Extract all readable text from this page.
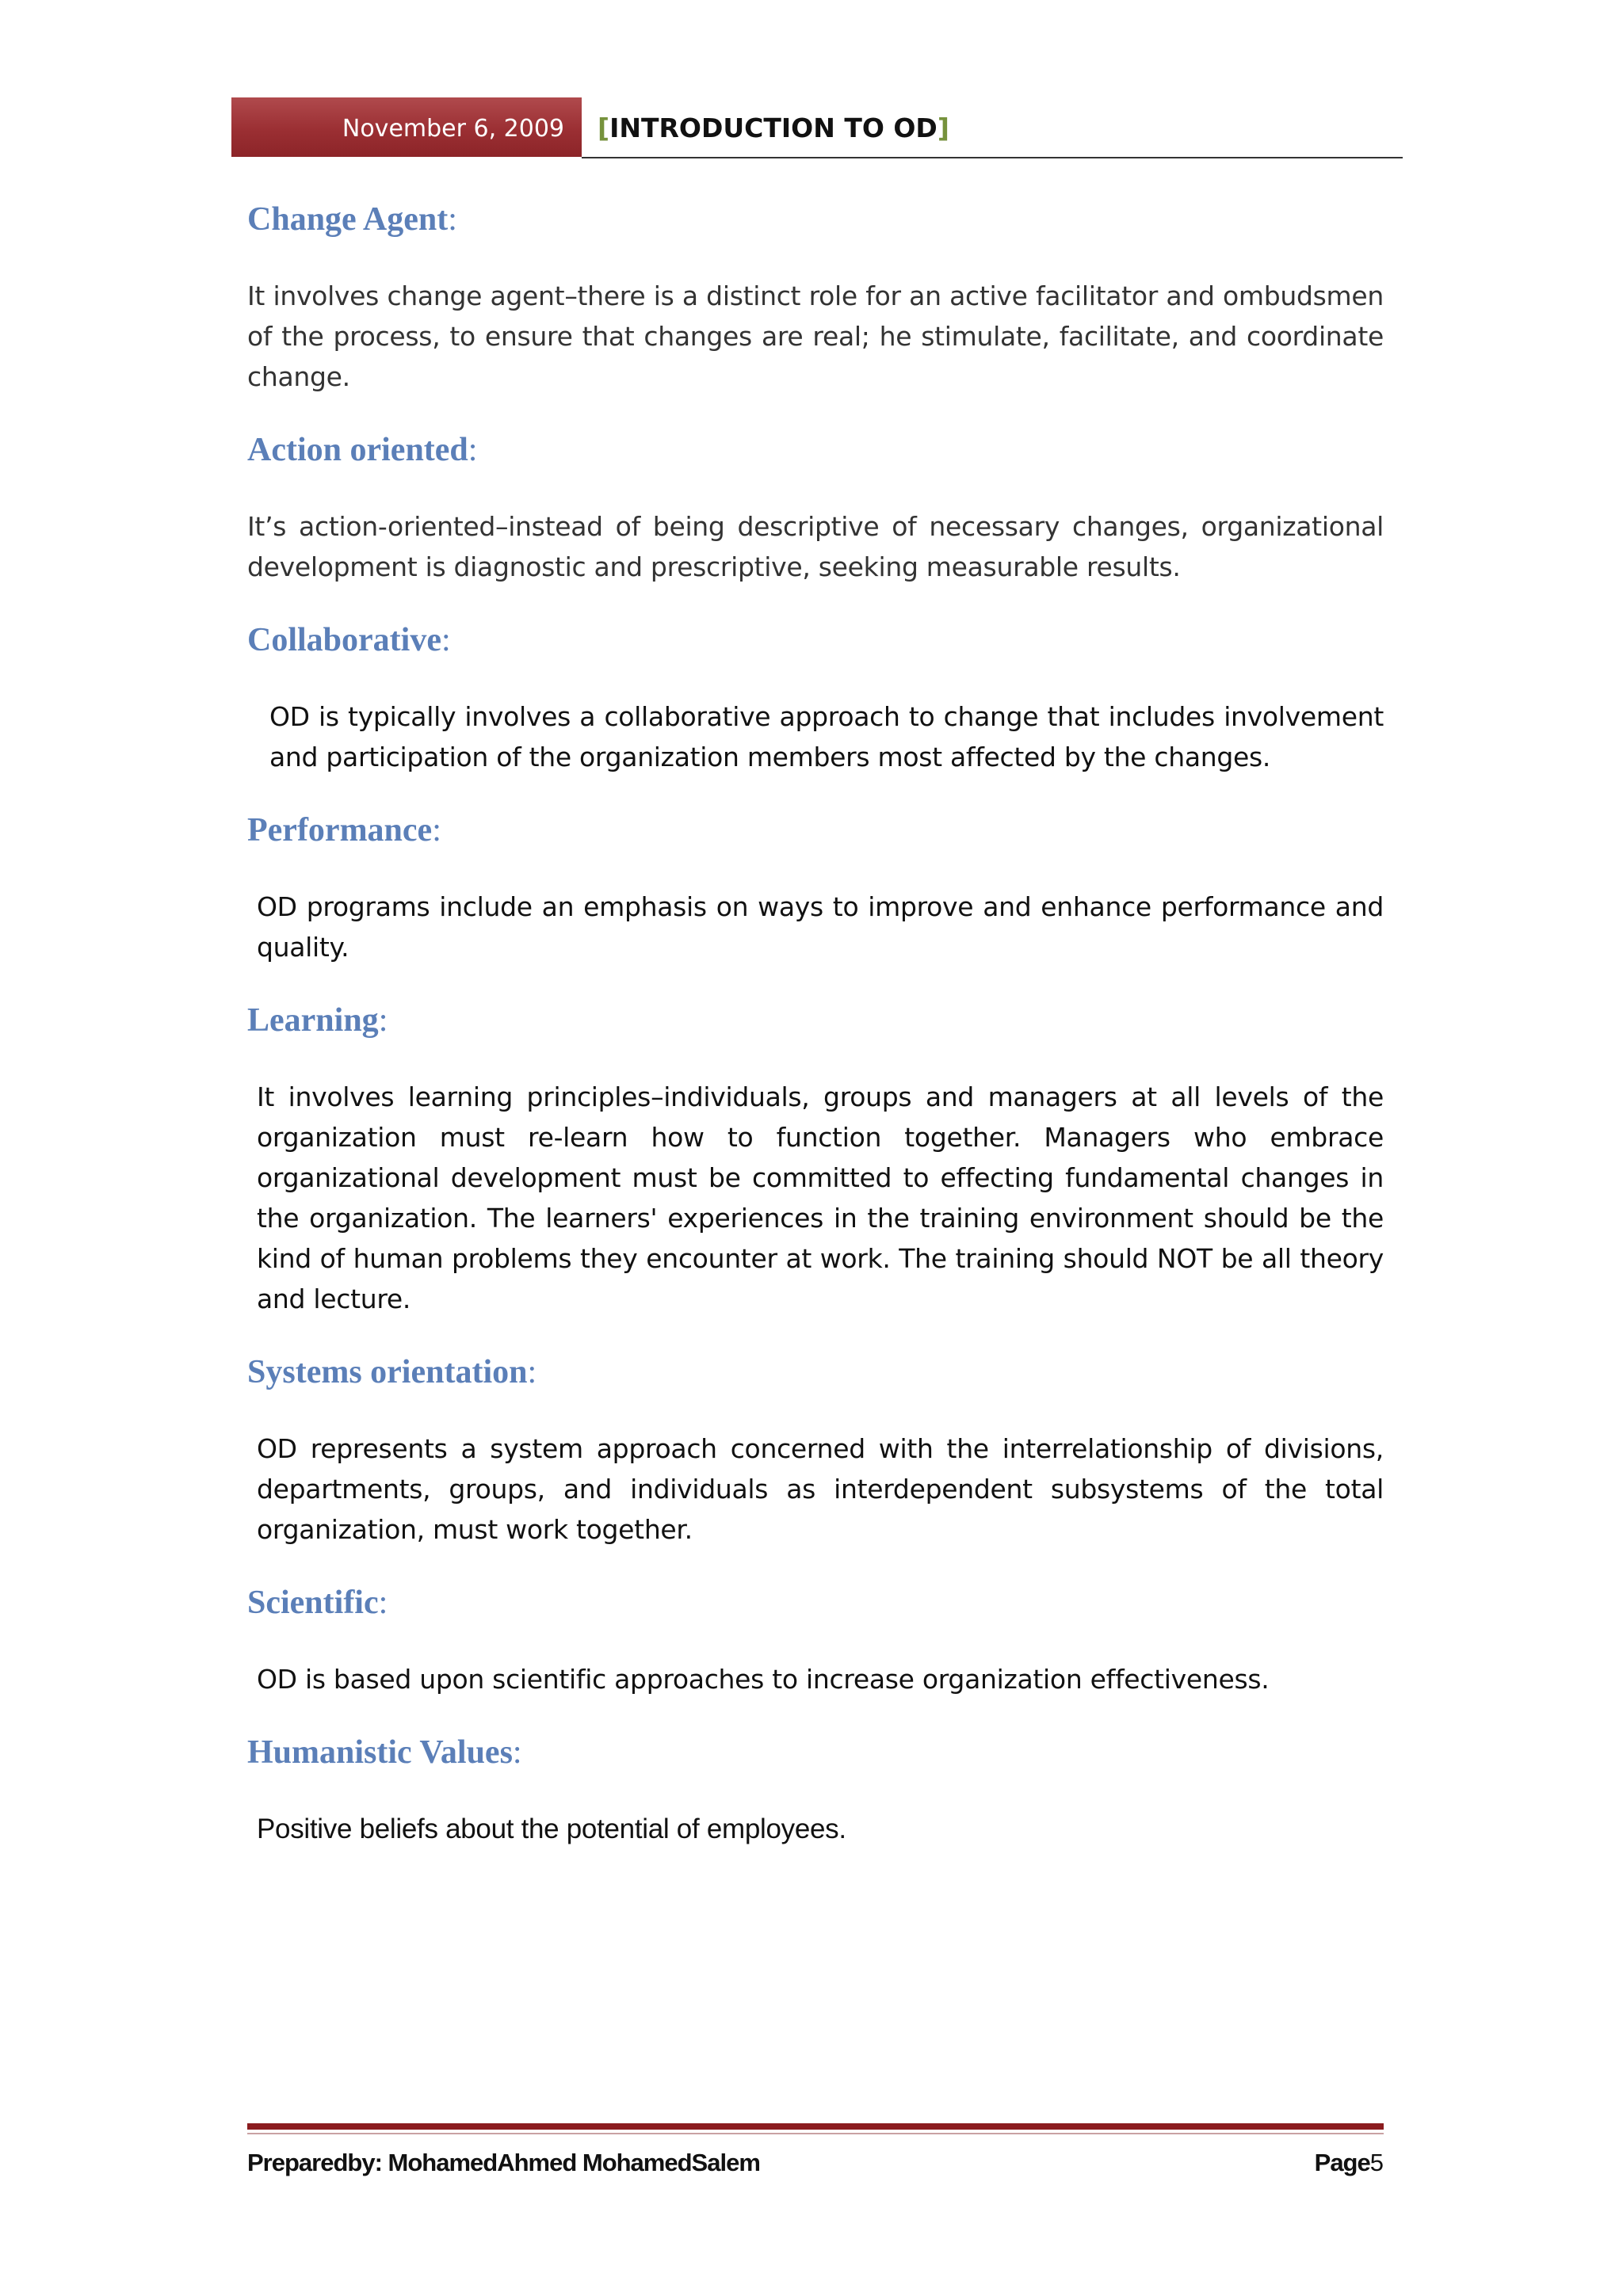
November 6, 2009 [INTRODUCTION TO OD]
Change Agent:

It involves change agent–there is a distinct role for an active facilitator and ombudsmen of the process, to ensure that changes are real; he stimulate, facilitate, and coordinate change.

Action oriented:

It’s action-oriented–instead of being descriptive of necessary changes, organizational development is diagnostic and prescriptive, seeking measurable results.

Collaborative:

OD is typically involves a collaborative approach to change that includes involvement and participation of the organization members most affected by the changes.

Performance:

OD programs include an emphasis on ways to improve and enhance performance and quality.

Learning:

It involves learning principles–individuals, groups and managers at all levels of the organization must re-learn how to function together. Managers who embrace organizational development must be committed to effecting fundamental changes in the organization. The learners' experiences in the training environment should be the kind of human problems they encounter at work. The training should NOT be all theory and lecture.

Systems orientation:

OD represents a system approach concerned with the interrelationship of divisions, departments, groups, and individuals as interdependent subsystems of the total organization, must work together.

Scientific:

OD is based upon scientific approaches to increase organization effectiveness.

Humanistic Values:

Positive beliefs about the potential of employees.

Preparedby: MohamedAhmed MohamedSalem	Page5
